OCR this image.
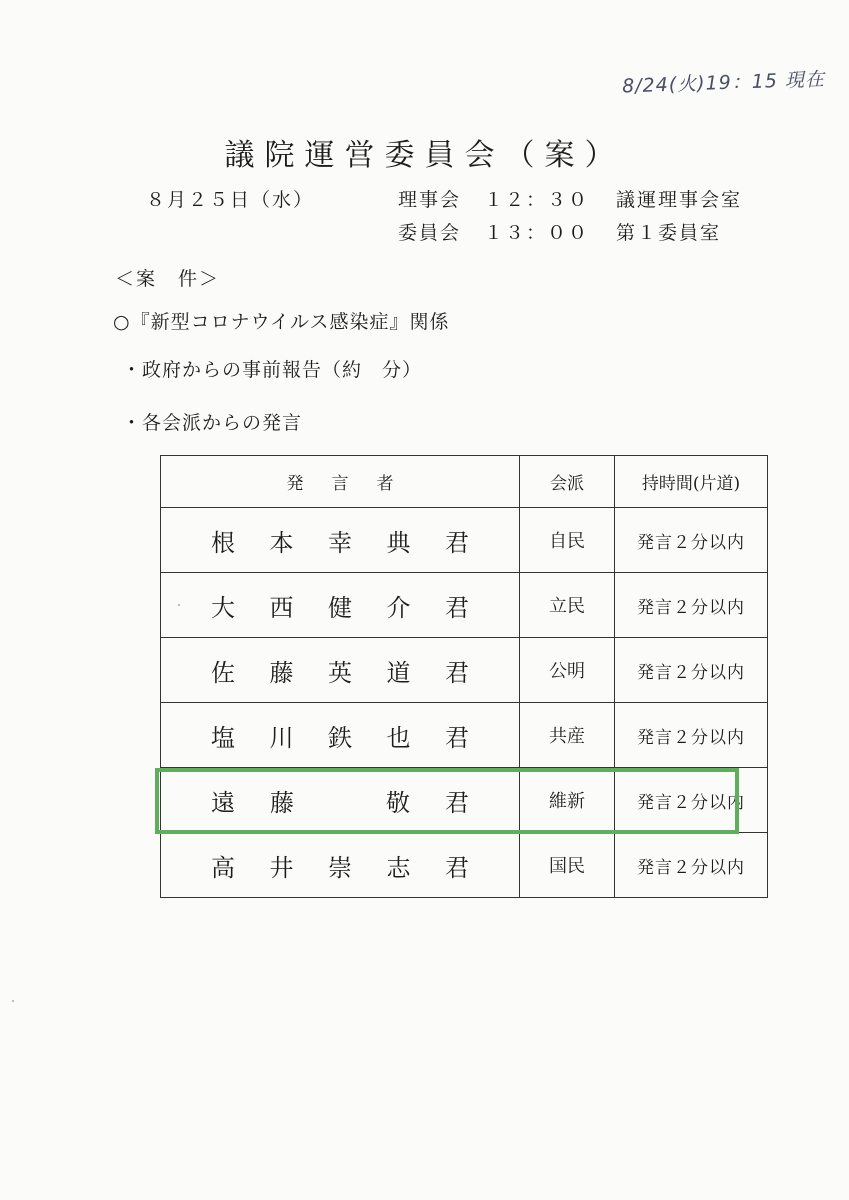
8/24(火)19：15 現在
議院運営委員会（案）
８月２５日（水）	理事会 １２：３０ 議運理事会室
委員会 １３：００ 第１委員室
＜案　件＞
○『新型コロナウイルス感染症』関係
・政府からの事前報告（約　分）
・各会派からの発言
発言者	会派	持時間(片道)

根 本 幸 典 君	自民	発言２分以内

大 西 健 介 君	立民	発言２分以内

佐 藤 英 道 君	公明	発言２分以内

塩 川 鉄 也 君	共産	発言２分以内

遠 藤 敬 君	維新	発言２分以内

高 井 崇 志 君	国民	発言２分以内
